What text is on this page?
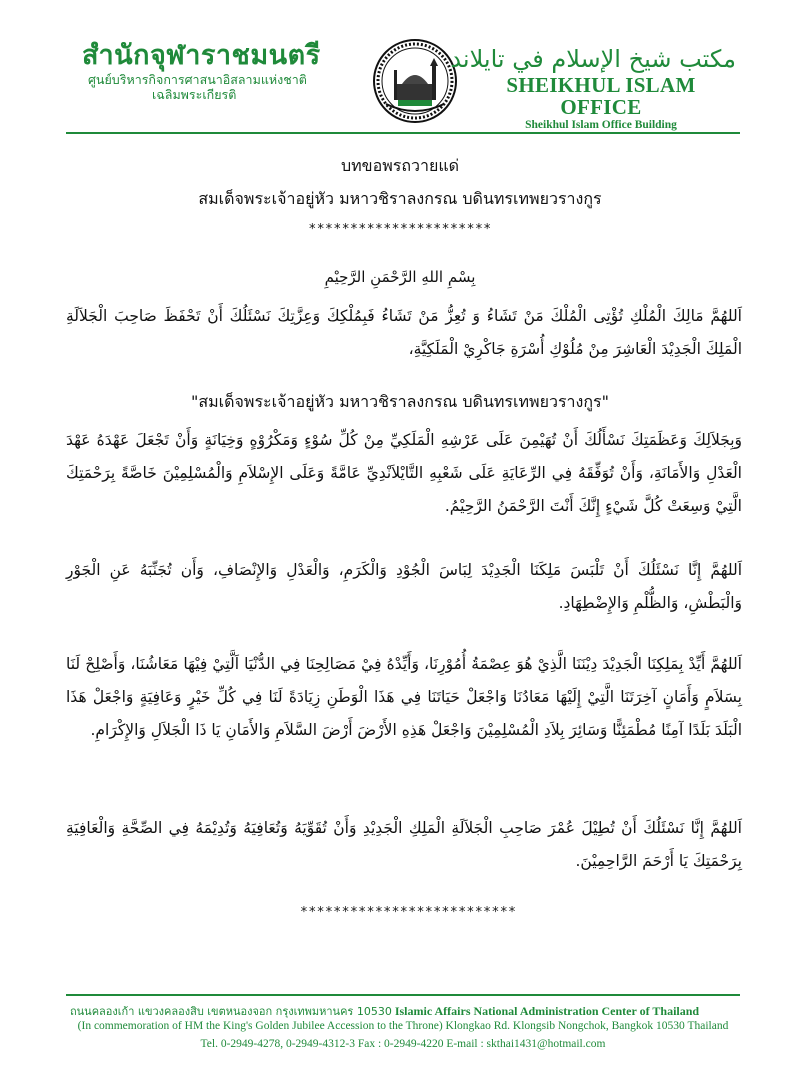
สำนักจุฬาราชมนตรี
ศูนย์บริหารกิจการศาสนาอิสลามแห่งชาติ
เฉลิมพระเกียรติ
مكتب شيخ الإسلام في تايلاند
SHEIKHUL ISLAM OFFICE
Sheikhul Islam Office Building
บทขอพรถวายแด่
สมเด็จพระเจ้าอยู่หัว มหาวชิราลงกรณ บดินทรเทพยวรางกูร
**********************
بِسْمِ اللهِ الرَّحْمَنِ الرَّحِيْمِ
اَللهُمَّ مَالِكَ الْمُلْكِ تُؤْتِى الْمُلْكَ مَنْ تَشَاءُ وَ تُعِزُّ مَنْ تَشَاءُ فَبِمُلْكِكَ وَعِزَّتِكَ نَسْئَلُكَ أَنْ تَحْفَظَ صَاحِبَ الْجَلاَلَةِ الْمَلِكَ الْجَدِيْدَ الْعَاشِرَ مِنْ مُلُوْكِ أُسْرَةِ جَاكْرِيْ الْمَلَكِيَّةِ،
"สมเด็จพระเจ้าอยู่หัว มหาวชิราลงกรณ บดินทรเทพยวรางกูร"
وَبِجَلاَلِكَ وَعَظَمَتِكَ نَسْأَلُكَ أَنْ تُهَيْمِنَ عَلَى عَرْشِهِ الْمَلَكِيِّ مِنْ كُلِّ سُوْءٍ وَمَكْرُوْهٍ وَخِيَانَةٍ وَأَنْ تَجْعَلَ عَهْدَهُ عَهْدَ الْعَدْلِ وَالأَمَانَةِ، وَأَنْ تُوَفِّقَهُ فِي الرِّعَايَةِ عَلَى شَعْبِهِ التَّايْلاَنْدِيِّ عَامَّةً وَعَلَى الإِسْلاَمِ وَالْمُسْلِمِيْنَ خَاصَّةً بِرَحْمَتِكَ الَّتِيْ وَسِعَتْ كُلَّ شَيْءٍ إِنَّكَ أَنْتَ الرَّحْمَنُ الرَّحِيْمُ.
اَللهُمَّ إِنَّا نَسْئَلُكَ أَنْ تَلْبَسَ مَلِكَنَا الْجَدِيْدَ لِبَاسَ الْجُوْدِ وَالْكَرَمِ، وَالْعَدْلِ وَالإِنْصَافِ، وَأَن تُجَنِّبَهُ عَنِ الْجَوْرِ وَالْبَطْشِ، وَالظُّلْمِ وَالإِضْطِهَادِ.
اَللهُمَّ أَيِّدْ بِمَلِكِنَا الْجَدِيْدَ دِيْنَنَا الَّذِيْ هُوَ عِصْمَةُ أُمُوْرِنَا، وَأَيِّدْهُ فِيْ مَصَالِحِنَا فِي الدُّنْيَا اَلَّتِيْ فِيْهَا مَعَاشُنَا، وَأَصْلِحْ لَنَا بِسَلاَمٍ وَأَمَانٍ آخِرَتَنَا الَّتِيْ إِلَيْهَا مَعَادُنَا وَاجْعَلْ حَيَاتَنَا فِي هَذَا الْوَطَنِ زِيَادَةً لَنَا فِي كُلِّ خَيْرٍ وَعَافِيَةٍ وَاجْعَلْ هَذَا الْبَلَدَ بَلَدًا آمِنًا مُطْمَئِنًّا وَسَائِرَ بِلاَدِ الْمُسْلِمِيْنَ وَاجْعَلْ هَذِهِ الأَرْضَ أَرْضَ السَّلاَمِ وَالأَمَانِ يَا ذَا الْجَلاَلِ وَالإِكْرَامِ.
اَللهُمَّ إِنَّا نَسْئَلُكَ أَنْ تُطِيْلَ عُمْرَ صَاحِبِ الْجَلاَلَةِ الْمَلِكِ الْجَدِيْدِ وَأَنْ تُقَوِّيَهُ وَتُعَافِيَهُ وَتُدِيْمَهُ فِي الصِّحَّةِ وَالْعَافِيَةِ بِرَحْمَتِكَ يَا أَرْحَمَ الرَّاحِمِيْنَ.
**************************
ถนนคลองเก้า แขวงคลองสิบ เขตหนองจอก กรุงเทพมหานคร 10530 Islamic Affairs National Administration Center of Thailand
(In commemoration of HM the King's Golden Jubilee Accession to the Throne) Klongkao Rd. Klongsib Nongchok, Bangkok 10530 Thailand
Tel. 0-2949-4278, 0-2949-4312-3 Fax : 0-2949-4220 E-mail : skthai1431@hotmail.com
